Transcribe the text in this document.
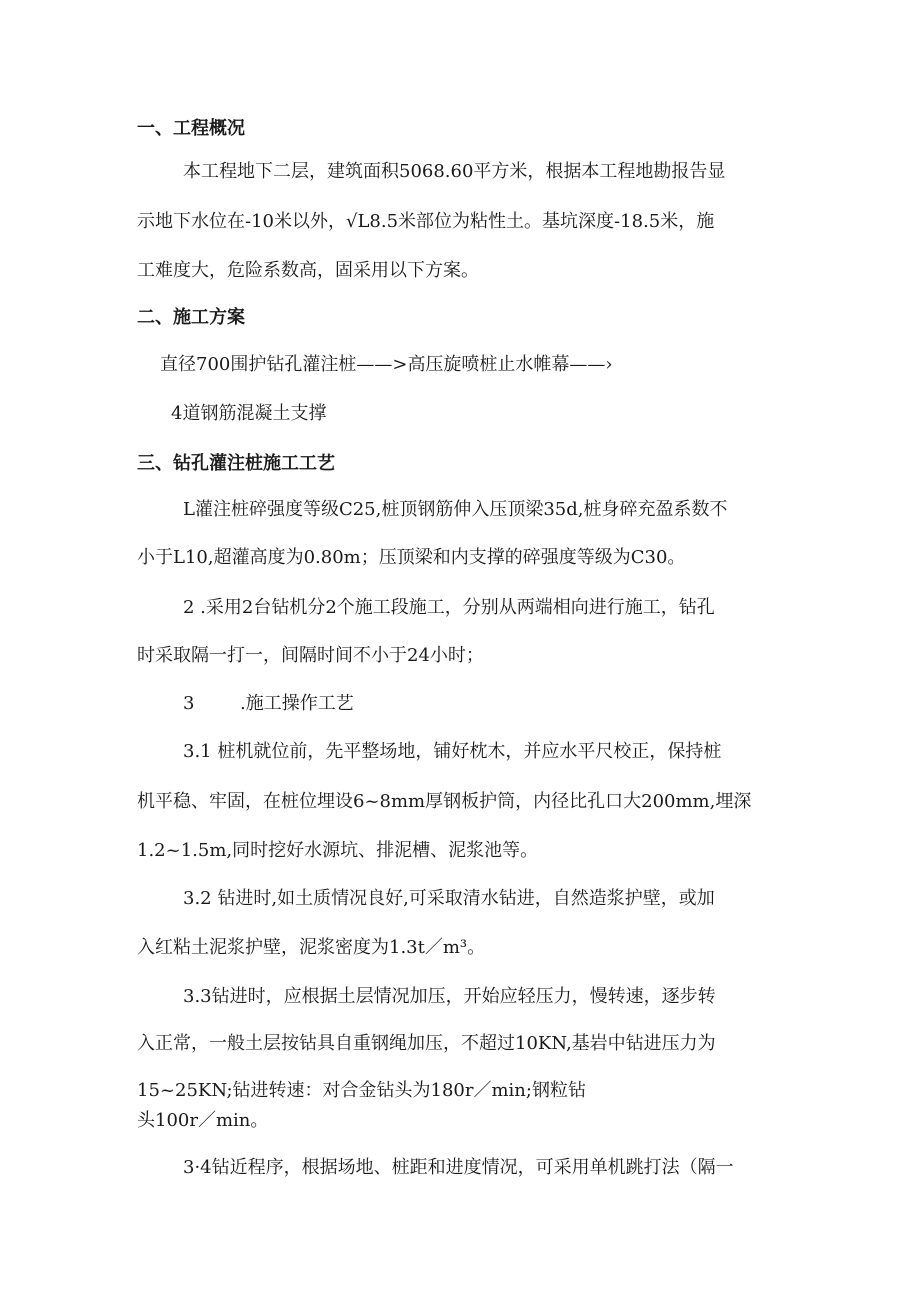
一、工程概况
本工程地下二层，建筑面积5068.60平方米，根据本工程地勘报告显
示地下水位在-10米以外，√L8.5米部位为粘性土。基坑深度-18.5米，施
工难度大，危险系数高，固采用以下方案。
二、施工方案
直径700围护钻孔灌注桩——>高压旋喷桩止水帷幕——›
4道钢筋混凝土支撑
三、钻孔灌注桩施工工艺
L灌注桩碎强度等级C25,桩顶钢筋伸入压顶梁35d,桩身碎充盈系数不
小于L10,超灌高度为0.80m；压顶梁和内支撑的碎强度等级为C30。
2 .采用2台钻机分2个施工段施工，分别从两端相向进行施工，钻孔
时采取隔一打一，间隔时间不小于24小时；
3	.施工操作工艺
3.1 桩机就位前，先平整场地，铺好枕木，并应水平尺校正，保持桩
机平稳、牢固，在桩位埋设6~8mm厚钢板护筒，内径比孔口大200mm,埋深
1.2~1.5m,同时挖好水源坑、排泥槽、泥浆池等。
3.2 钻进时,如土质情况良好,可采取清水钻进，自然造浆护壁，或加
入红粘土泥浆护壁，泥浆密度为1.3t／m³。
3.3钻进时，应根据土层情况加压，开始应轻压力，慢转速，逐步转
入正常，一般土层按钻具自重钢绳加压，不超过10KN,基岩中钻进压力为
15~25KN;钻进转速：对合金钻头为180r／min;钢粒钻
头100r／min。
3·4钻近程序，根据场地、桩距和进度情况，可采用单机跳打法（隔一
